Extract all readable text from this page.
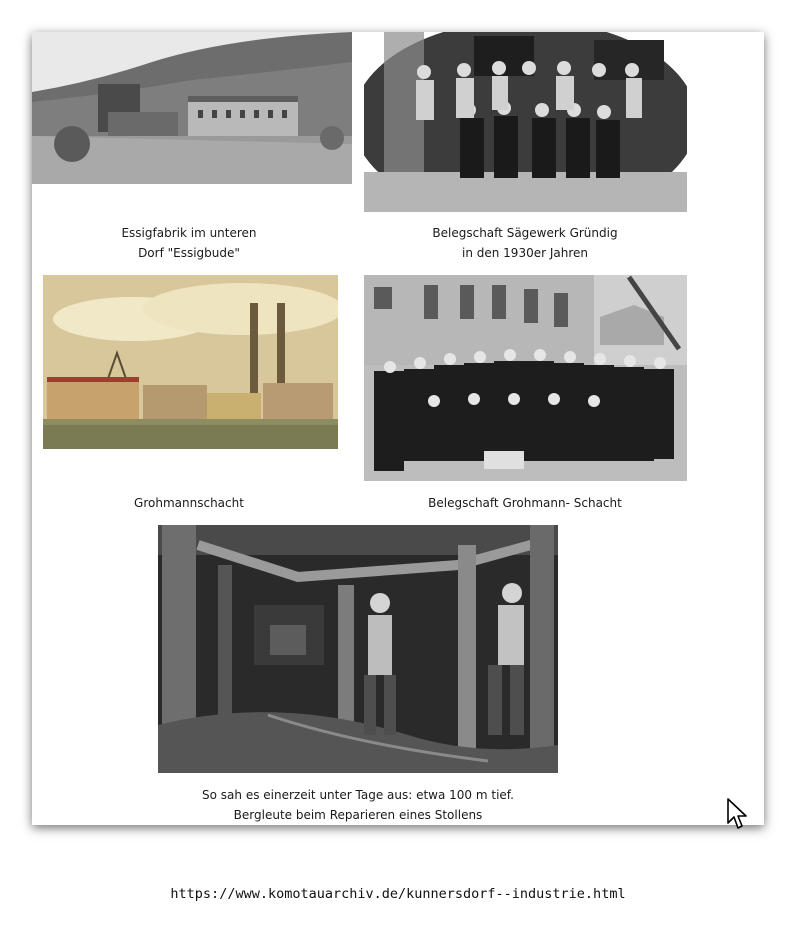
Essigfabrik im unteren
Dorf "Essigbude"
Belegschaft Sägewerk Gründig
in den 1930er Jahren
Grohmannschacht	Belegschaft Grohmann- Schacht
So sah es einerzeit unter Tage aus: etwa 100 m tief.
Bergleute beim Reparieren eines Stollens
https://www.komotauarchiv.de/kunnersdorf--industrie.html
